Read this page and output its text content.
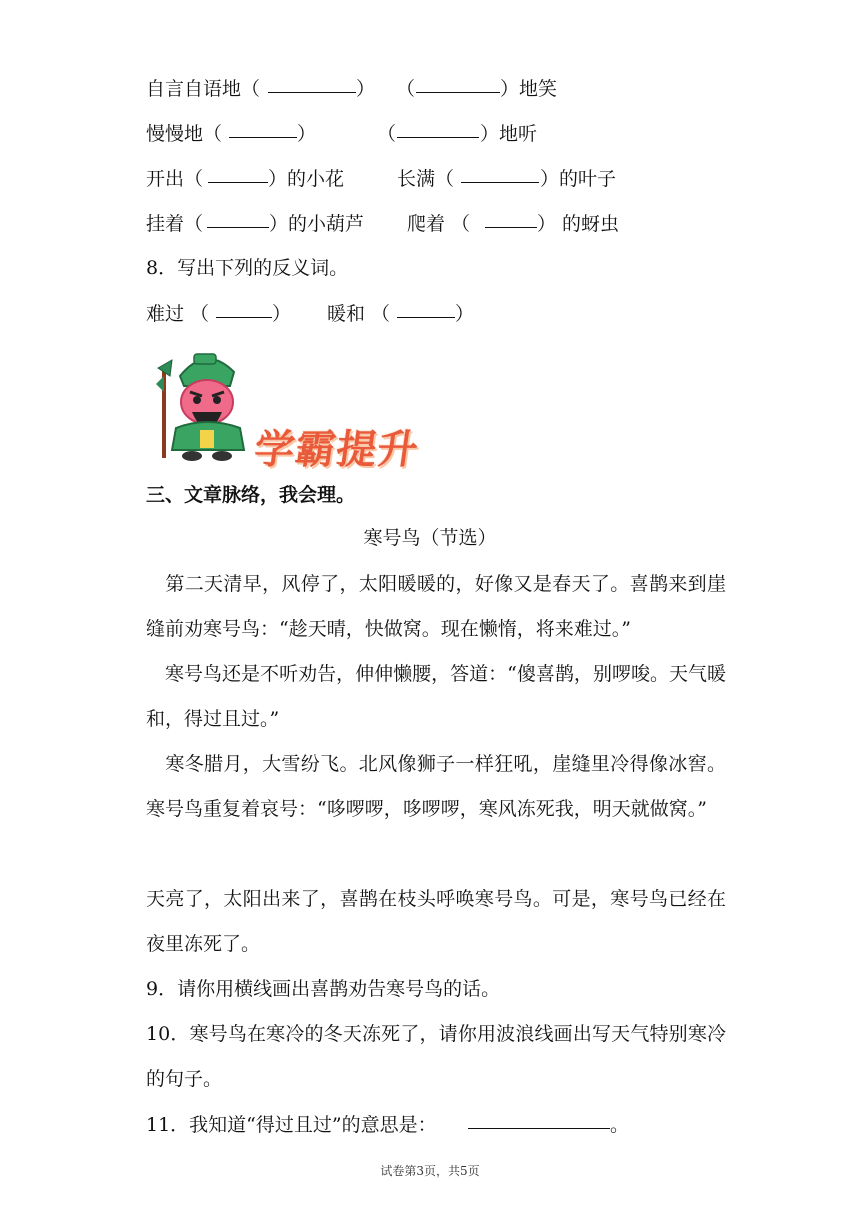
自言自语地（	） （	）地笑
慢慢地（	）	（	）地听
开出（	）的小花	长满（	）的叶子
挂着（	）的小葫芦 爬着 （	） 的蚜虫
8．写出下列的反义词。
难过 （	） 暖和 （	）
学霸提升
三、文章脉络，我会理。
寒号鸟（节选）
　第二天清早，风停了，太阳暖暖的，好像又是春天了。喜鹊来到崖缝前劝寒号鸟：“趁天晴，快做窝。现在懒惰，将来难过。”
　寒号鸟还是不听劝告，伸伸懒腰，答道：“傻喜鹊，别啰唆。天气暖和，得过且过。”
　寒冬腊月，大雪纷飞。北风像狮子一样狂吼，崖缝里冷得像冰窖。寒号鸟重复着哀号：“哆啰啰，哆啰啰，寒风冻死我，明天就做窝。”
天亮了，太阳出来了，喜鹊在枝头呼唤寒号鸟。可是，寒号鸟已经在夜里冻死了。
9．请你用横线画出喜鹊劝告寒号鸟的话。
10．寒号鸟在寒冷的冬天冻死了，请你用波浪线画出写天气特别寒冷的句子。
11．我知道“得过且过”的意思是：	。
试卷第3页，共5页
